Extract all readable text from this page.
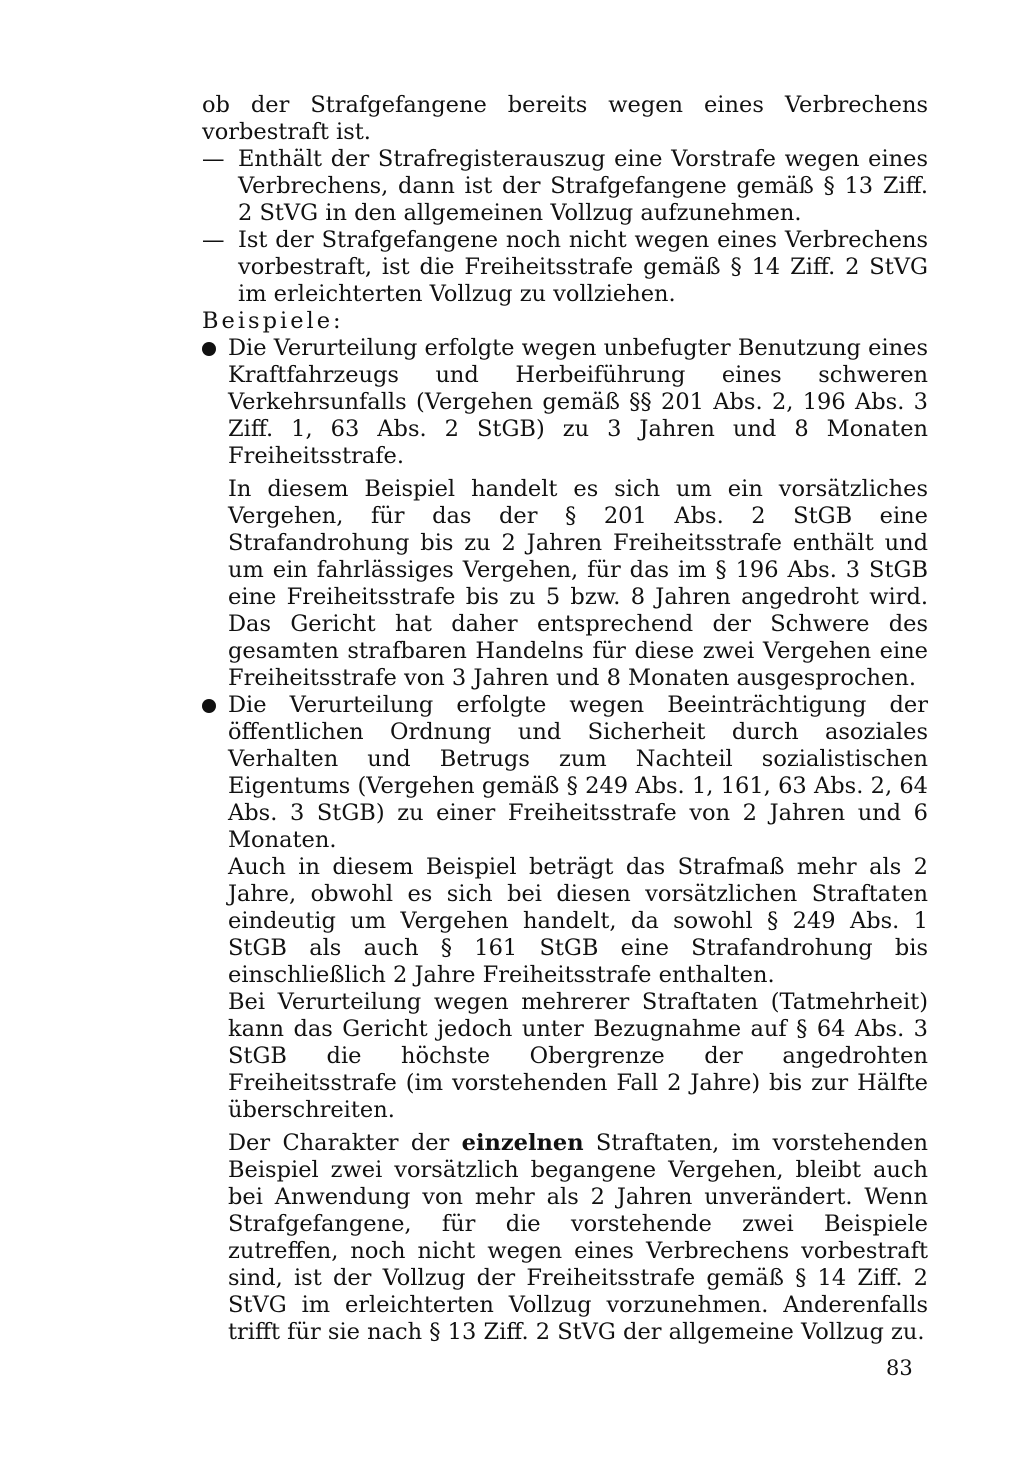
ob der Strafgefangene bereits wegen eines Verbrechens vorbestraft ist.
— Enthält der Strafregisterauszug eine Vorstrafe wegen eines Verbrechens, dann ist der Strafgefangene gemäß § 13 Ziff. 2 StVG in den allgemeinen Vollzug aufzunehmen.
— Ist der Strafgefangene noch nicht wegen eines Verbrechens vorbestraft, ist die Freiheitsstrafe gemäß § 14 Ziff. 2 StVG im erleichterten Vollzug zu vollziehen.
Beispiele:
Die Verurteilung erfolgte wegen unbefugter Benutzung eines Kraftfahrzeugs und Herbeiführung eines schweren Verkehrsunfalls (Vergehen gemäß §§ 201 Abs. 2, 196 Abs. 3 Ziff. 1, 63 Abs. 2 StGB) zu 3 Jahren und 8 Monaten Freiheitsstrafe.
In diesem Beispiel handelt es sich um ein vorsätzliches Vergehen, für das der § 201 Abs. 2 StGB eine Strafandrohung bis zu 2 Jahren Freiheitsstrafe enthält und um ein fahrlässiges Vergehen, für das im § 196 Abs. 3 StGB eine Freiheitsstrafe bis zu 5 bzw. 8 Jahren angedroht wird. Das Gericht hat daher entsprechend der Schwere des gesamten strafbaren Handelns für diese zwei Vergehen eine Freiheitsstrafe von 3 Jahren und 8 Monaten ausgesprochen.
Die Verurteilung erfolgte wegen Beeinträchtigung der öffentlichen Ordnung und Sicherheit durch asoziales Verhalten und Betrugs zum Nachteil sozialistischen Eigentums (Vergehen gemäß § 249 Abs. 1, 161, 63 Abs. 2, 64 Abs. 3 StGB) zu einer Freiheitsstrafe von 2 Jahren und 6 Monaten.
Auch in diesem Beispiel beträgt das Strafmaß mehr als 2 Jahre, obwohl es sich bei diesen vorsätzlichen Straftaten eindeutig um Vergehen handelt, da sowohl § 249 Abs. 1 StGB als auch § 161 StGB eine Strafandrohung bis einschließlich 2 Jahre Freiheitsstrafe enthalten.
Bei Verurteilung wegen mehrerer Straftaten (Tatmehrheit) kann das Gericht jedoch unter Bezugnahme auf § 64 Abs. 3 StGB die höchste Obergrenze der angedrohten Freiheitsstrafe (im vorstehenden Fall 2 Jahre) bis zur Hälfte überschreiten.
Der Charakter der einzelnen Straftaten, im vorstehenden Beispiel zwei vorsätzlich begangene Vergehen, bleibt auch bei Anwendung von mehr als 2 Jahren unverändert. Wenn Strafgefangene, für die vorstehende zwei Beispiele zutreffen, noch nicht wegen eines Verbrechens vorbestraft sind, ist der Vollzug der Freiheitsstrafe gemäß § 14 Ziff. 2 StVG im erleichterten Vollzug vorzunehmen. Anderenfalls trifft für sie nach § 13 Ziff. 2 StVG der allgemeine Vollzug zu.
83
